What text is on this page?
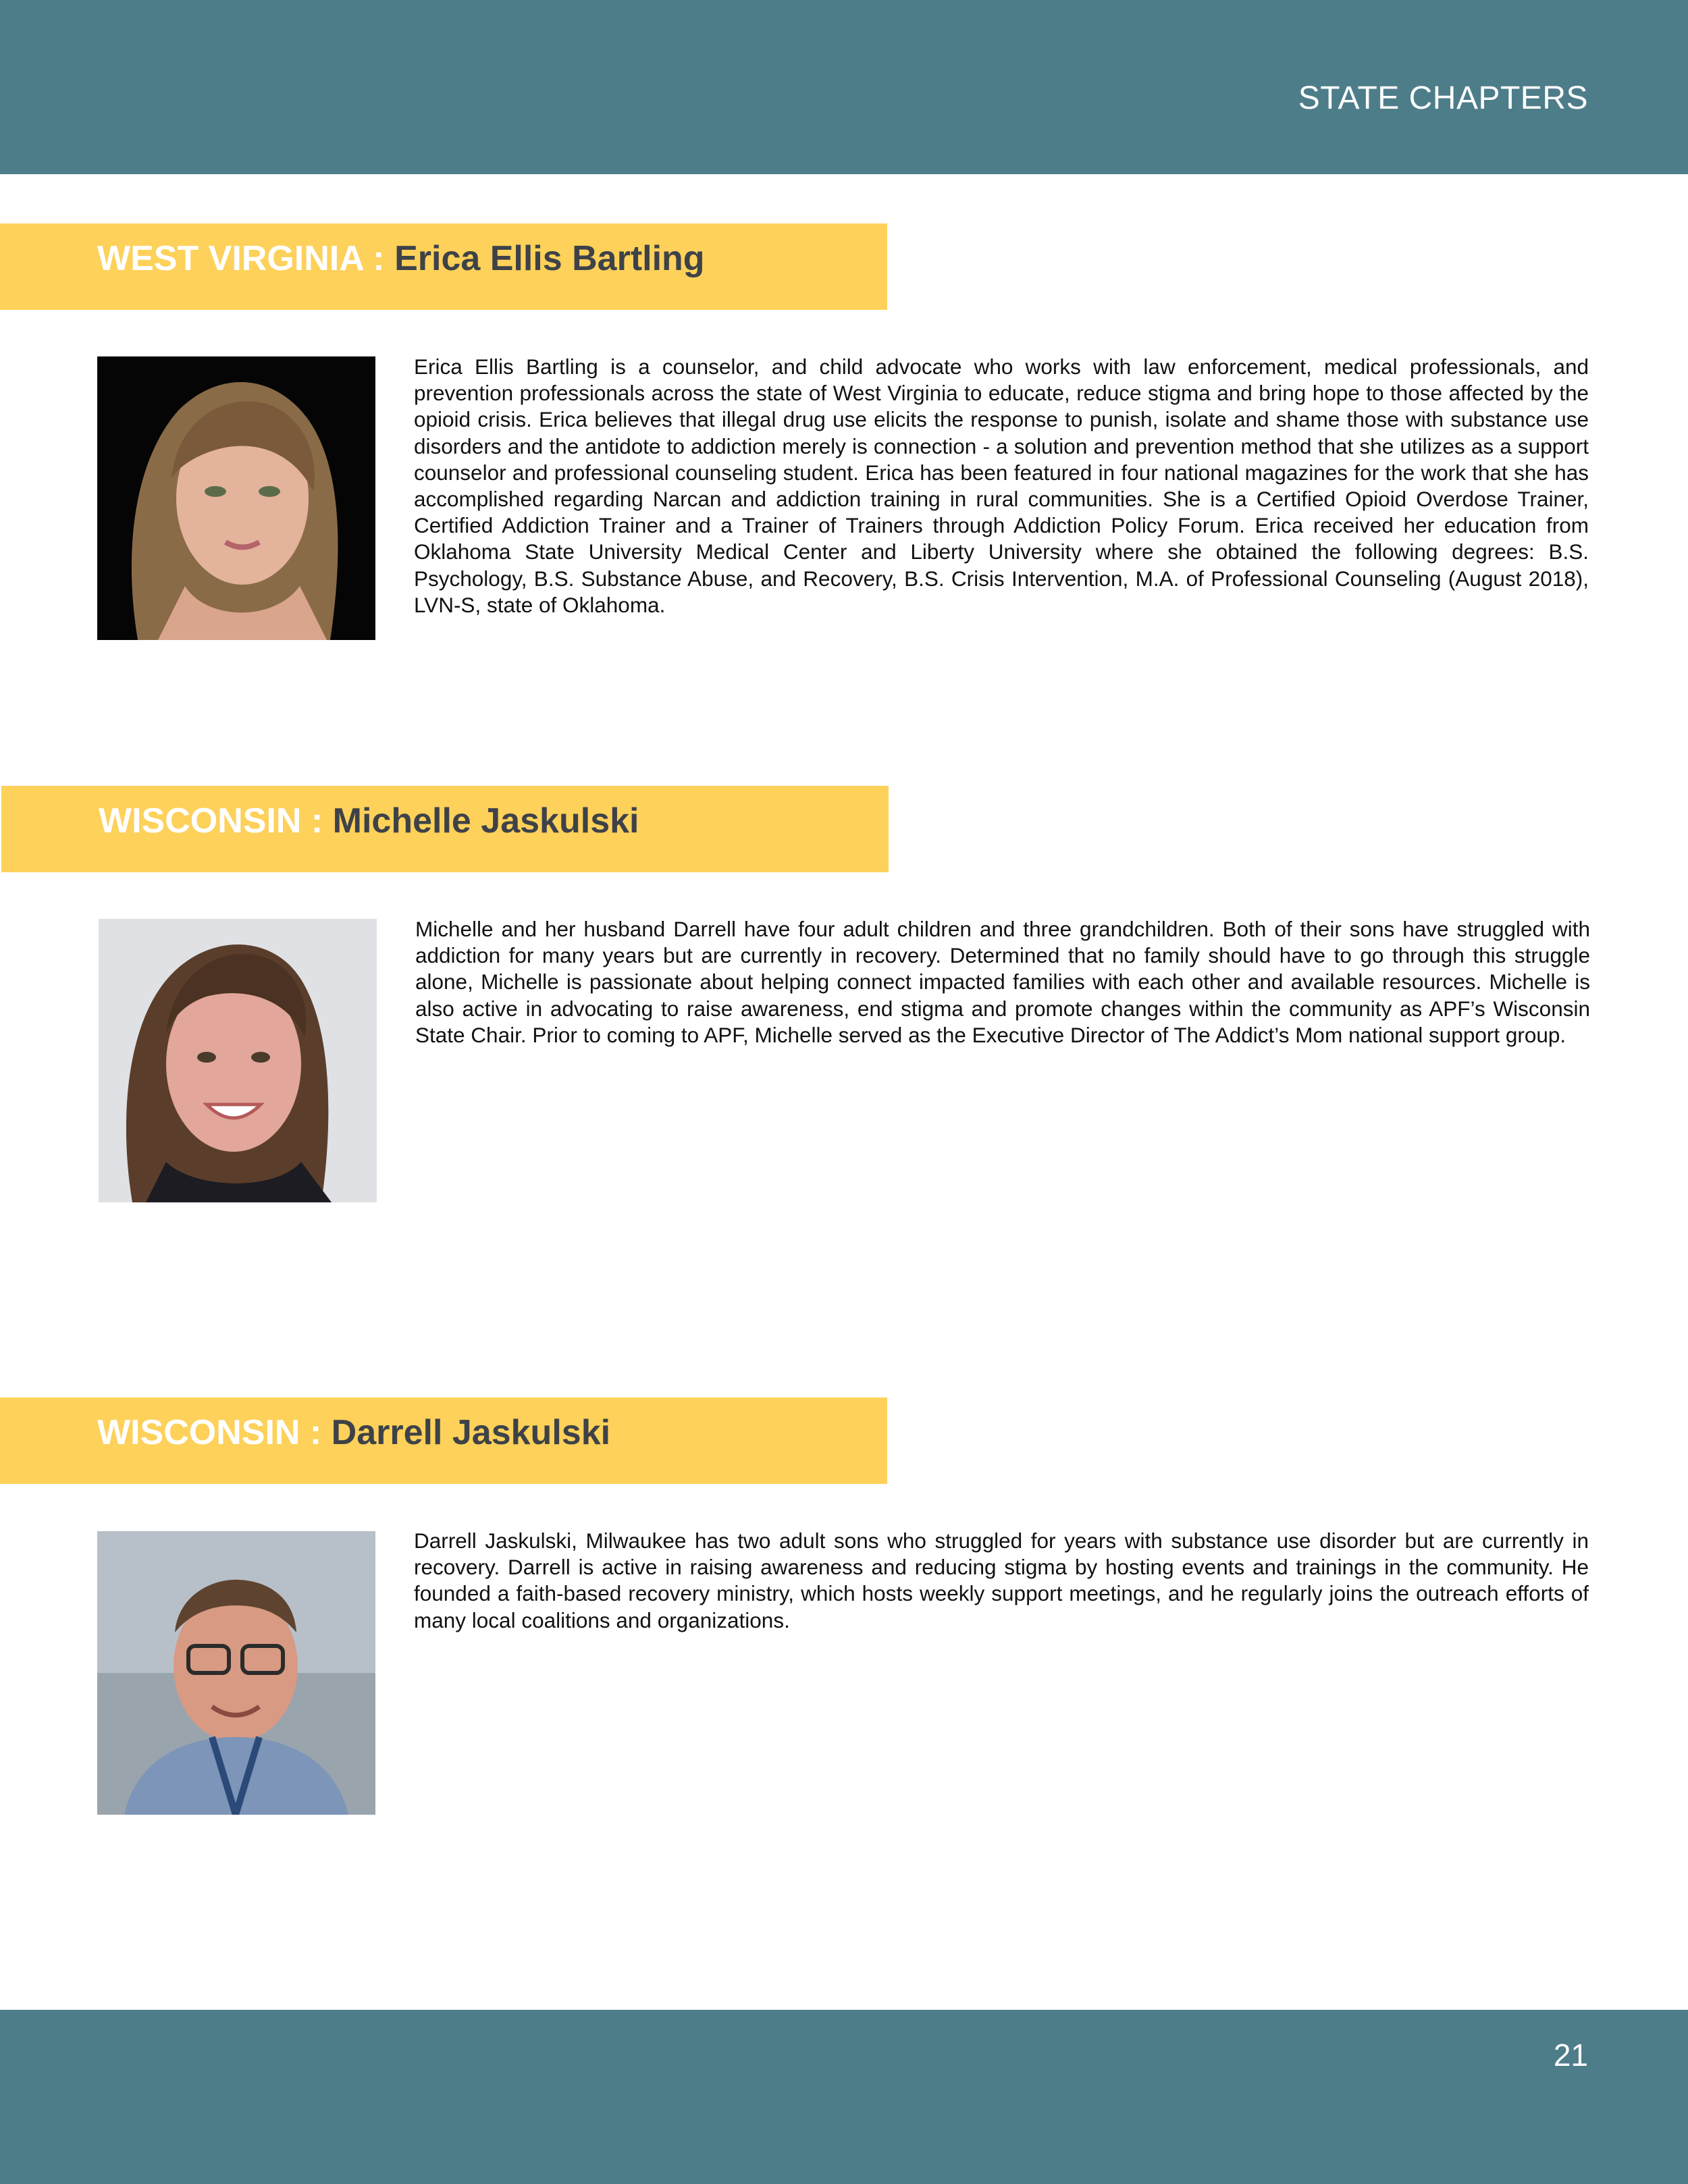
STATE CHAPTERS
WEST VIRGINIA : Erica Ellis Bartling

Erica Ellis Bartling is a counselor, and child advocate who works with law enforcement, medical professionals, and prevention professionals across the state of West Virginia to educate, reduce stigma and bring hope to those affected by the opioid crisis. Erica believes that illegal drug use elicits the response to punish, isolate and shame those with substance use disorders and the antidote to addiction merely is connection - a solution and prevention method that she utilizes as a support counselor and professional counseling student. Erica has been featured in four national magazines for the work that she has accomplished regarding Narcan and addiction training in rural communities. She is a Certified Opioid Overdose Trainer, Certified Addiction Trainer and a Trainer of Trainers through Addiction Policy Forum. Erica received her education from Oklahoma State University Medical Center and Liberty University where she obtained the following degrees: B.S. Psychology, B.S. Substance Abuse, and Recovery, B.S. Crisis Intervention, M.A. of Professional Counseling (August 2018), LVN-S, state of Oklahoma.

WISCONSIN : Michelle Jaskulski

Michelle and her husband Darrell have four adult children and three grandchildren. Both of their sons have struggled with addiction for many years but are currently in recovery. Determined that no family should have to go through this struggle alone, Michelle is passionate about helping connect impacted families with each other and available resources. Michelle is also active in advocating to raise awareness, end stigma and promote changes within the community as APF’s Wisconsin State Chair. Prior to coming to APF, Michelle served as the Executive Director of The Addict’s Mom national support group.

WISCONSIN : Darrell Jaskulski

Darrell Jaskulski, Milwaukee has two adult sons who struggled for years with substance use disorder but are currently in recovery. Darrell is active in raising awareness and reducing stigma by hosting events and trainings in the community. He founded a faith-based recovery ministry, which hosts weekly support meetings, and he regularly joins the outreach efforts of many local coalitions and organizations.

21
